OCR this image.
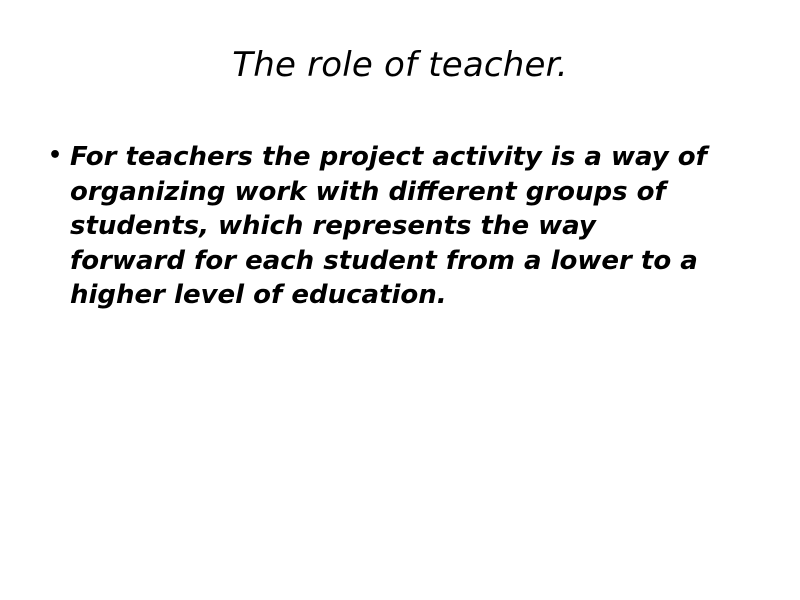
The role of teacher.
• For teachers the project activity is a way of organizing work with different groups of students, which represents the way forward for each student from a lower to a higher level of education.
